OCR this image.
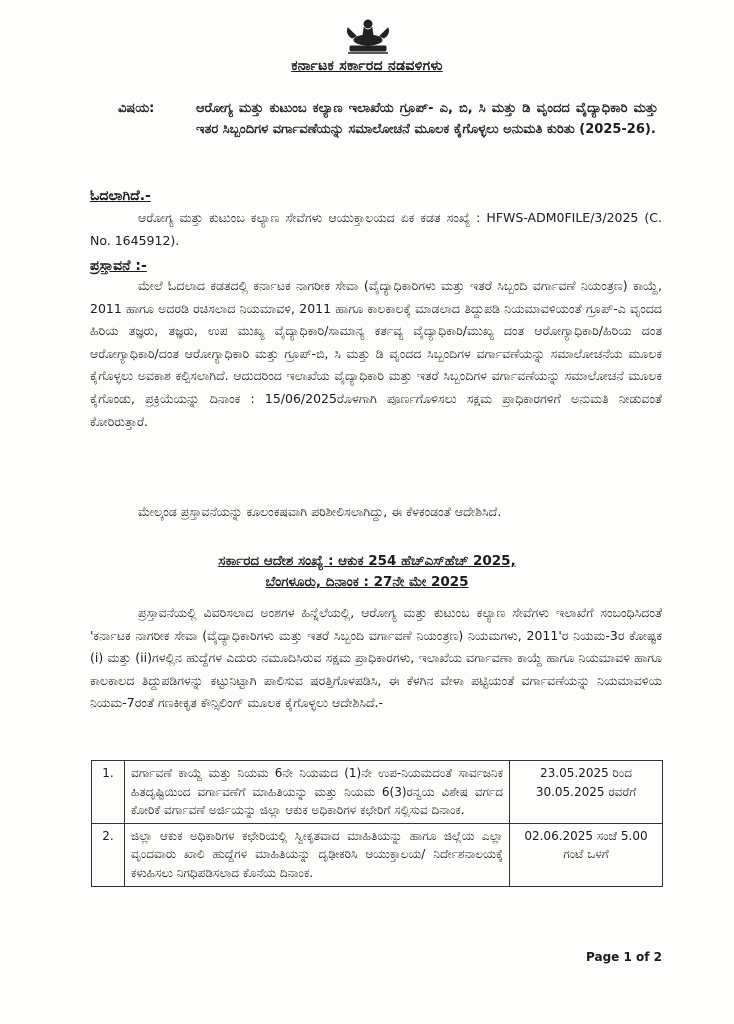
ಕರ್ನಾಟಕ ಸರ್ಕಾರದ ನಡವಳಿಗಳು
ವಿಷಯ:	ಆರೋಗ್ಯ ಮತ್ತು ಕುಟುಂಬ ಕಲ್ಯಾಣ ಇಲಾಖೆಯ ಗ್ರೂಪ್- ಎ, ಬಿ, ಸಿ ಮತ್ತು ಡಿ ವೃಂದದ ವೈದ್ಯಾಧಿಕಾರಿ ಮತ್ತು ಇತರ ಸಿಬ್ಬಂದಿಗಳ ವರ್ಗಾವಣೆಯನ್ನು ಸಮಾಲೋಚನೆ ಮೂಲಕ ಕೈಗೊಳ್ಳಲು ಅನುಮತಿ ಕುರಿತು (2025-26).
ಓದಲಾಗಿದೆ.-
ಆರೋಗ್ಯ ಮತ್ತು ಕುಟುಂಬ ಕಲ್ಯಾಣ ಸೇವೆಗಳು ಆಯುಕ್ತಾಲಯದ ಏಕ ಕಡತ ಸಂಖ್ಯೆ : HFWS-ADM0FILE/3/2025 (C. No. 1645912).
ಪ್ರಸ್ತಾವನೆ :-
ಮೇಲೆ ಓದಲಾದ ಕಡತದಲ್ಲಿ ಕರ್ನಾಟಕ ನಾಗರೀಕ ಸೇವಾ (ವೈದ್ಯಾಧಿಕಾರಿಗಳು ಮತ್ತು ಇತರೆ ಸಿಬ್ಬಂದಿ ವರ್ಗಾವಣೆ ನಿಯಂತ್ರಣ) ಕಾಯ್ದೆ, 2011 ಹಾಗೂ ಅದರಡಿ ರಚಿಸಲಾದ ನಿಯಮಾವಳಿ, 2011 ಹಾಗೂ ಕಾಲಕಾಲಕ್ಕೆ ಮಾಡಲಾದ ತಿದ್ದುಪಡಿ ನಿಯಮಾವಳಿಯಂತೆ ಗ್ರೂಪ್-ಎ ವೃಂದದ ಹಿರಿಯ ತಜ್ಞರು, ತಜ್ಞರು, ಉಪ ಮುಖ್ಯ ವೈದ್ಯಾಧಿಕಾರಿ/ಸಾಮಾನ್ಯ ಕರ್ತವ್ಯ ವೈದ್ಯಾಧಿಕಾರಿ/ಮುಖ್ಯ ದಂತ ಆರೋಗ್ಯಾಧಿಕಾರಿ/ಹಿರಿಯ ದಂತ ಆರೋಗ್ಯಾಧಿಕಾರಿ/ದಂತ ಆರೋಗ್ಯಾಧಿಕಾರಿ ಮತ್ತು ಗ್ರೂಪ್-ಬಿ, ಸಿ ಮತ್ತು ಡಿ ವೃಂದದ ಸಿಬ್ಬಂದಿಗಳ ವರ್ಗಾವಣೆಯನ್ನು ಸಮಾಲೋಚನೆಯ ಮೂಲಕ ಕೈಗೊಳ್ಳಲು ಅವಕಾಶ ಕಲ್ಪಿಸಲಾಗಿದೆ. ಆದುದರಿಂದ ಇಲಾಖೆಯ ವೈದ್ಯಾಧಿಕಾರಿ ಮತ್ತು ಇತರೆ ಸಿಬ್ಬಂದಿಗಳ ವರ್ಗಾವಣೆಯನ್ನು ಸಮಾಲೋಚನೆ ಮೂಲಕ ಕೈಗೊಂಡು, ಪ್ರಕ್ರಿಯೆಯನ್ನು ದಿನಾಂಕ : 15/06/2025ರೊಳಗಾಗಿ ಪೂರ್ಣಗೊಳಿಸಲು ಸಕ್ಷಮ ಪ್ರಾಧಿಕಾರಗಳಿಗೆ ಅನುಮತಿ ನೀಡುವಂತೆ ಕೋರಿರುತ್ತಾರೆ.
ಮೇಲ್ಕಂಡ ಪ್ರಸ್ತಾವನೆಯನ್ನು ಕೂಲಂಕಷವಾಗಿ ಪರಿಶೀಲಿಸಲಾಗಿದ್ದು, ಈ ಕೆಳಕಂಡಂತೆ ಆದೇಶಿಸಿದೆ.
ಸರ್ಕಾರದ ಆದೇಶ ಸಂಖ್ಯೆ : ಆಕುಕ 254 ಹೆಚ್‌ಎಸ್‌ಹೆಚ್ 2025,
ಬೆಂಗಳೂರು, ದಿನಾಂಕ : 27ನೇ ಮೇ 2025
ಪ್ರಸ್ತಾವನೆಯಲ್ಲಿ ವಿವರಿಸಲಾದ ಅಂಶಗಳ ಹಿನ್ನೆಲೆಯಲ್ಲಿ, ಆರೋಗ್ಯ ಮತ್ತು ಕುಟುಂಬ ಕಲ್ಯಾಣ ಸೇವೆಗಳು ಇಲಾಖೆಗೆ ಸಂಬಂಧಿಸಿದಂತೆ 'ಕರ್ನಾಟಕ ನಾಗರೀಕ ಸೇವಾ (ವೈದ್ಯಾಧಿಕಾರಿಗಳು ಮತ್ತು ಇತರೆ ಸಿಬ್ಬಂದಿ ವರ್ಗಾವಣೆ ನಿಯಂತ್ರಣ) ನಿಯಮಗಳು, 2011'ರ ನಿಯಮ-3ರ ಕೋಷ್ಟಕ (i) ಮತ್ತು (ii)ಗಳಲ್ಲಿನ ಹುದ್ದೆಗಳ ಎದುರು ನಮೂದಿಸಿರುವ ಸಕ್ಷಮ ಪ್ರಾಧಿಕಾರಗಳು, ಇಲಾಖೆಯ ವರ್ಗಾವಣಾ ಕಾಯ್ದೆ ಹಾಗೂ ನಿಯಮಾವಳಿ ಹಾಗೂ ಕಾಲಕಾಲದ ತಿದ್ದುಪಡಿಗಳನ್ನು ಕಟ್ಟುನಿಟ್ಟಾಗಿ ಪಾಲಿಸುವ ಷರತ್ತಿಗೊಳಪಡಿಸಿ, ಈ ಕೆಳಗಿನ ವೇಳಾ ಪಟ್ಟಿಯಂತೆ ವರ್ಗಾವಣೆಯನ್ನು ನಿಯಮಾವಳಿಯ ನಿಯಮ-7ರಂತೆ ಗಣಕೀಕೃತ ಕೌನ್ಸಿಲಿಂಗ್ ಮೂಲಕ ಕೈಗೊಳ್ಳಲು ಆದೇಶಿಸಿದೆ.-
1.	ವರ್ಗಾವಣೆ ಕಾಯ್ದೆ ಮತ್ತು ನಿಯಮ 6ನೇ ನಿಯಮದ (1)ನೇ ಉಪ-ನಿಯಮದಂತೆ ಸಾರ್ವಜನಿಕ ಹಿತದೃಷ್ಟಿಯಿಂದ ವರ್ಗಾವಣೆಗೆ ಮಾಹಿತಿಯನ್ನು ಮತ್ತು ನಿಯಮ 6(3)ರನ್ವಯ ವಿಶೇಷ ವರ್ಗದ ಕೋರಿಕೆ ವರ್ಗಾವಣೆ ಅರ್ಜಿಯನ್ನು ಜಿಲ್ಲಾ ಆಕುಕ ಅಧಿಕಾರಿಗಳ ಕಛೇರಿಗೆ ಸಲ್ಲಿಸುವ ದಿನಾಂಕ.	23.05.2025 ರಿಂದ 30.05.2025 ರವರೆಗೆ
2.	ಜಿಲ್ಲಾ ಆಕುಕ ಅಧಿಕಾರಿಗಳ ಕಛೇರಿಯಲ್ಲಿ ಸ್ವೀಕೃತವಾದ ಮಾಹಿತಿಯನ್ನು ಹಾಗೂ ಜಿಲ್ಲೆಯ ಎಲ್ಲಾ ವೃಂದವಾರು ಖಾಲಿ ಹುದ್ದೆಗಳ ಮಾಹಿತಿಯನ್ನು ದೃಢೀಕರಿಸಿ ಆಯುಕ್ತಾಲಯ/ ನಿರ್ದೇಶನಾಲಯಕ್ಕೆ ಕಳುಹಿಸಲು ನಿಗಧಿಪಡಿಸಲಾದ ಕೊನೆಯ ದಿನಾಂಕ.	02.06.2025 ಸಂಜೆ 5.00 ಗಂಟೆ ಒಳಗೆ
Page 1 of 2
